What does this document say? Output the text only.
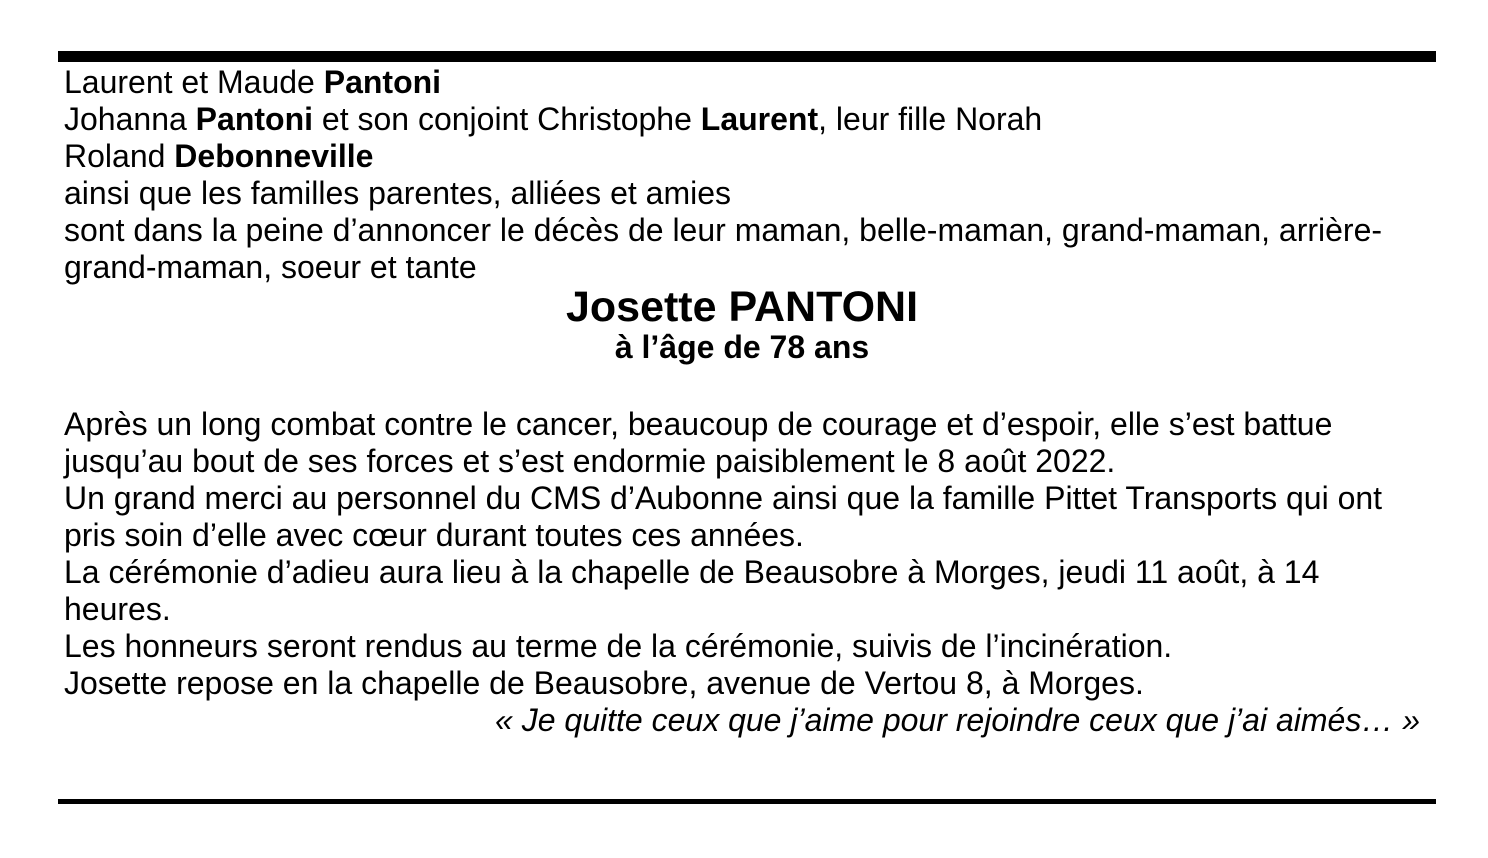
Laurent et Maude Pantoni

Johanna Pantoni et son conjoint Christophe Laurent, leur fille Norah

Roland Debonneville

ainsi que les familles parentes, alliées et amies

sont dans la peine d’annoncer le décès de leur maman, belle-maman, grand-maman, arrière-grand-maman, soeur et tante

Josette PANTONI

à l’âge de 78 ans

Après un long combat contre le cancer, beaucoup de courage et d’espoir, elle s’est battue jusqu’au bout de ses forces et s’est endormie paisiblement le 8 août 2022.

Un grand merci au personnel du CMS d’Aubonne ainsi que la famille Pittet Transports qui ont pris soin d’elle avec cœur durant toutes ces années.

La cérémonie d’adieu aura lieu à la chapelle de Beausobre à Morges, jeudi 11 août, à 14 heures.

Les honneurs seront rendus au terme de la cérémonie, suivis de l’incinération.

Josette repose en la chapelle de Beausobre, avenue de Vertou 8, à Morges.

« Je quitte ceux que j’aime pour rejoindre ceux que j’ai aimés… »
